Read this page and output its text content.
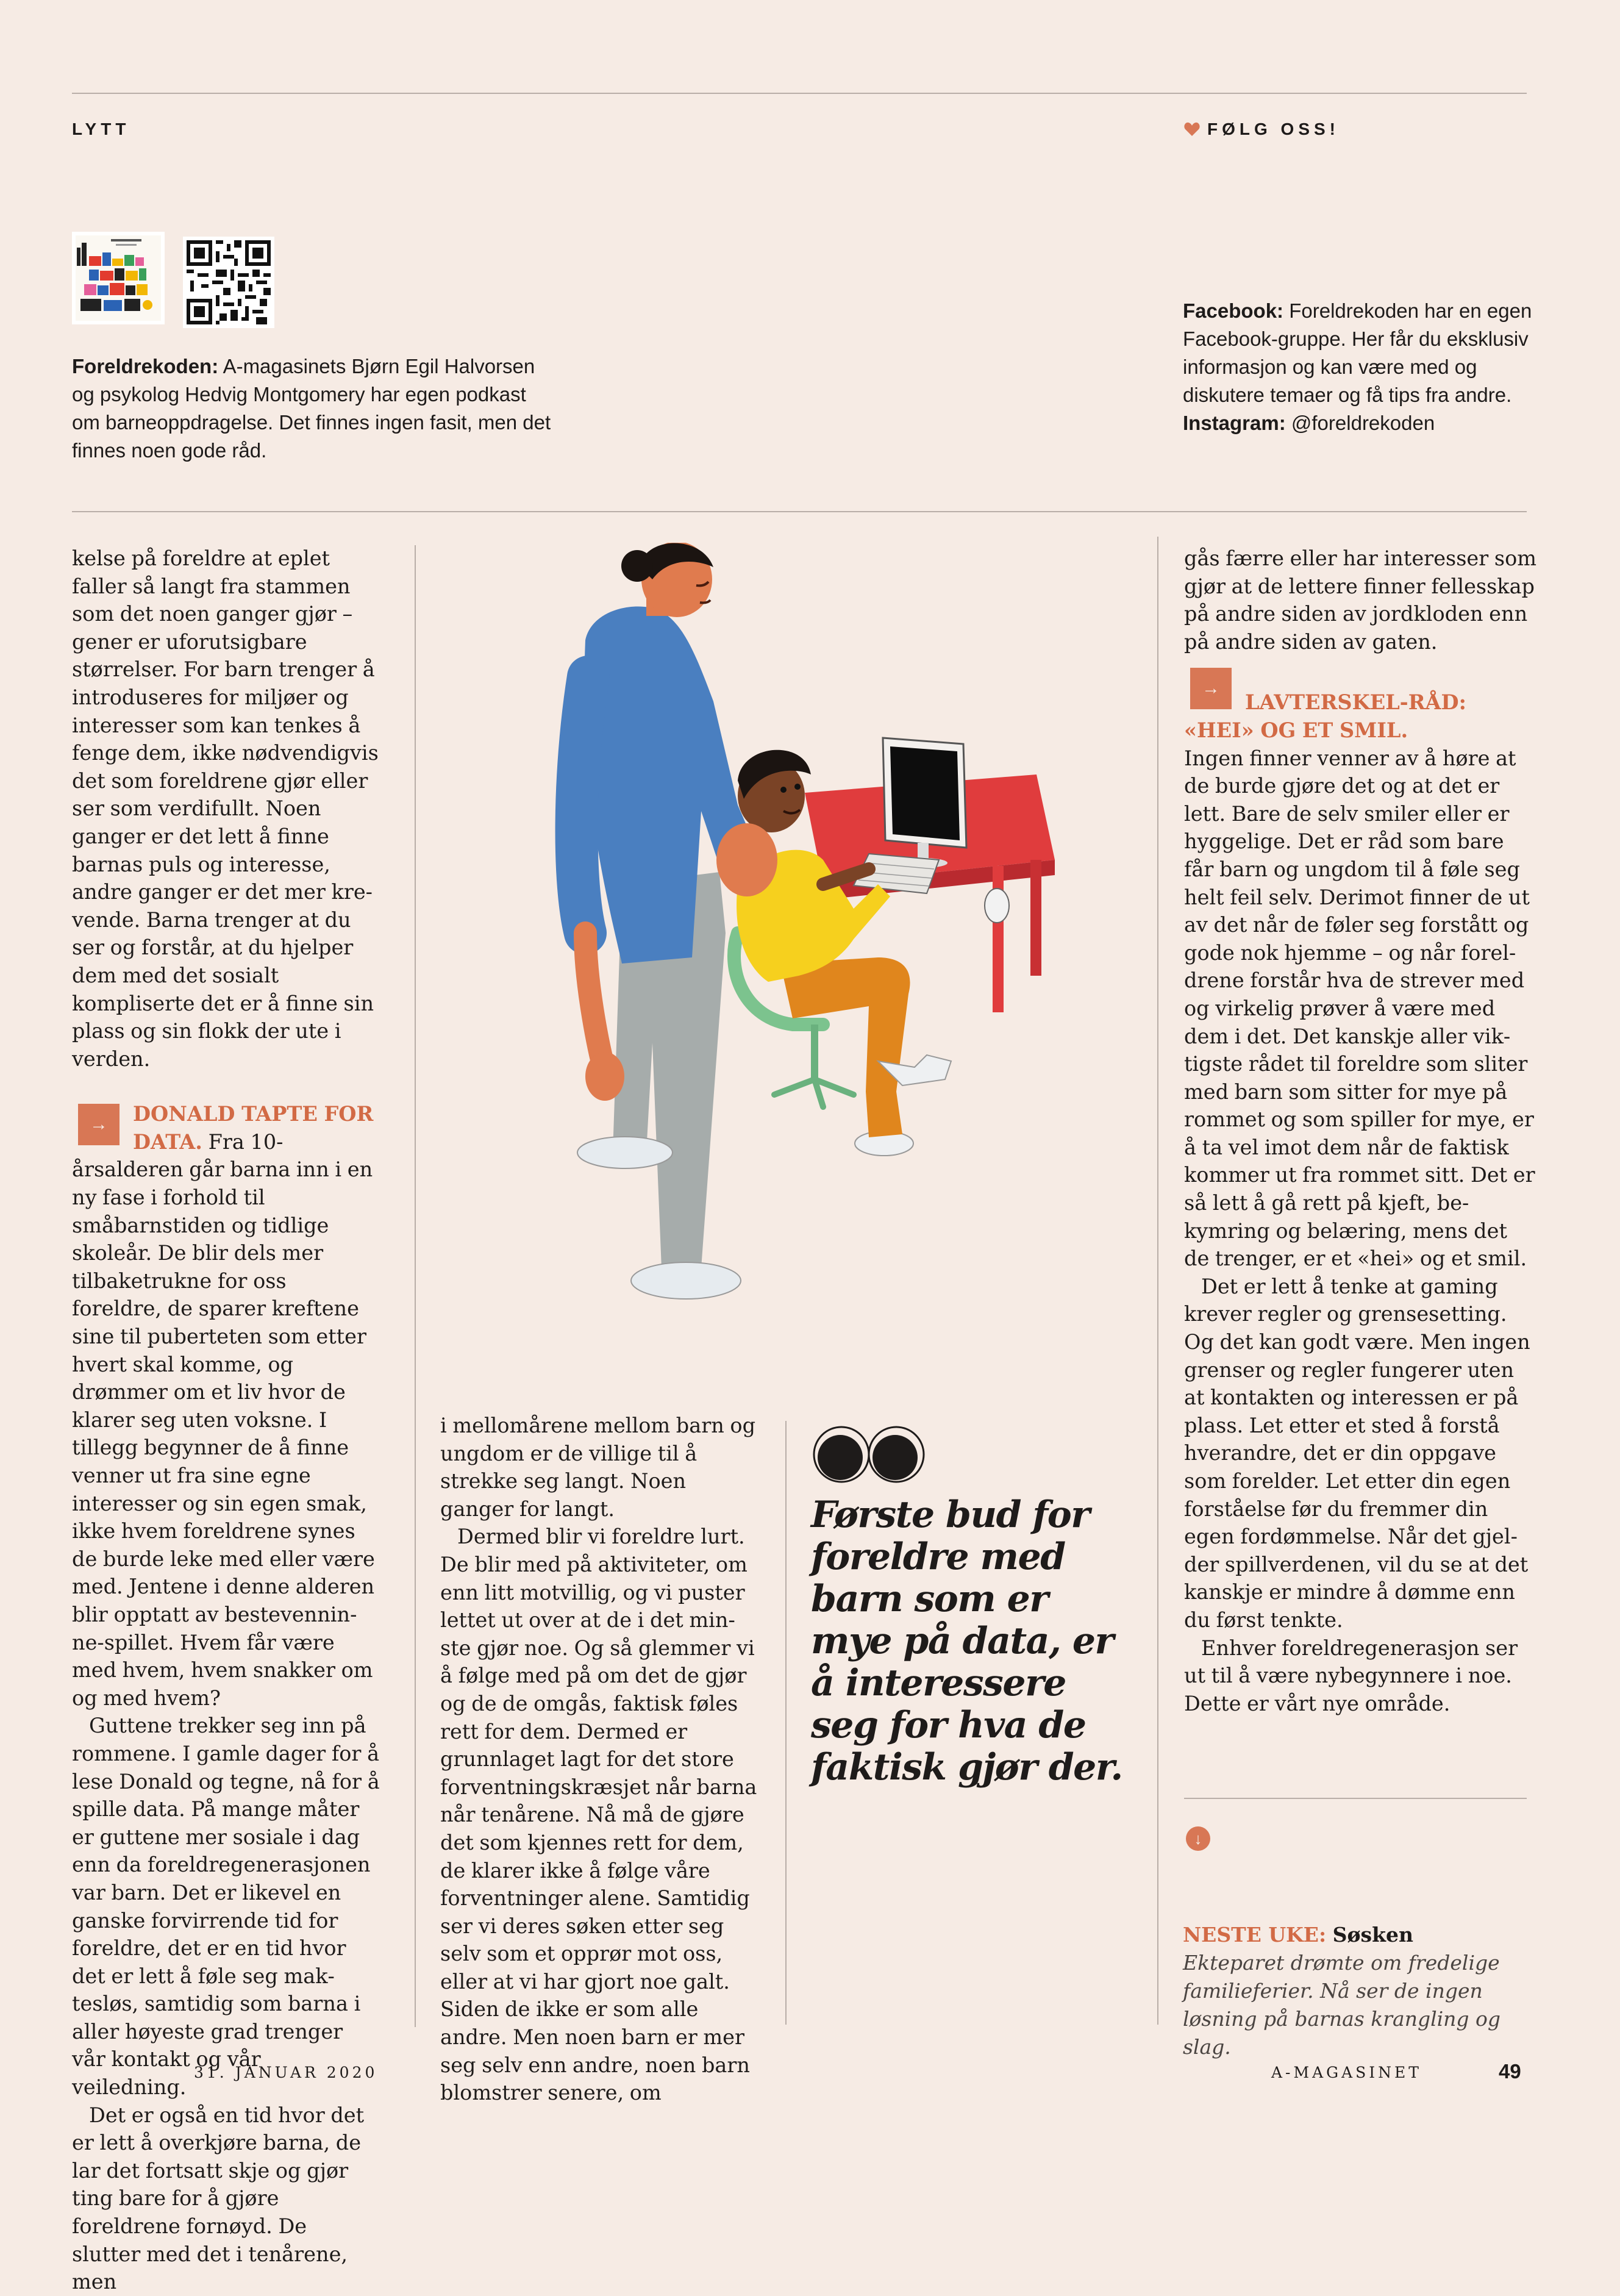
LYTT	FØLG OSS!
Foreldrekoden: A-magasinets Bjørn Egil Halvorsen og psykolog Hedvig Montgomery har egen podkast om barneoppdragelse. Det finnes ingen fasit, men det finnes noen gode råd.
Facebook: Foreldrekoden har en egen Facebook-gruppe. Her får du eksklusiv informasjon og kan være med og diskutere temaer og få tips fra andre.
Instagram: @foreldrekoden

kelse på foreldre at eplet faller så langt fra stammen som det noen ganger gjør – gener er uforutsigbare størrelser. For barn trenger å introduseres for miljøer og interesser som kan tenkes å fenge dem, ikke nødvendigvis det som foreldrene gjør eller ser som verdifullt. Noen ganger er det lett å finne barnas puls og interesse, andre ganger er det mer krevende. Barna trenger at du ser og forstår, at du hjelper dem med det sosialt kompliserte det er å finne sin plass og sin flokk der ute i verden.

→	DONALD TAPTE FOR DATA. Fra 10-årsalderen går barna inn i en ny fase i forhold til småbarnstiden og tidlige skoleår. De blir dels mer tilbaketrukne for oss foreldre, de sparer kreftene sine til puberteten som etter hvert skal komme, og drømmer om et liv hvor de klarer seg uten voksne. I tillegg begynner de å finne venner ut fra sine egne interesser og sin egen smak, ikke hvem foreldrene synes de burde leke med eller være med. Jentene i denne alderen blir opptatt av bestevenninne-spillet. Hvem får være med hvem, hvem snakker om og med hvem?

Guttene trekker seg inn på rommene. I gamle dager for å lese Donald og tegne, nå for å spille data. På mange måter er guttene mer sosiale i dag enn da foreldregenerasjonen var barn. Det er likevel en ganske forvirrende tid for foreldre, det er en tid hvor det er lett å føle seg maktesløs, samtidig som barna i aller høyeste grad trenger vår kontakt og vår veiledning.

Det er også en tid hvor det er lett å overkjøre barna, de lar det fortsatt skje og gjør ting bare for å gjøre foreldrene fornøyd. De slutter med det i tenårene, men

i mellomårene mellom barn og ungdom er de villige til å strekke seg langt. Noen ganger for langt.

Dermed blir vi foreldre lurt. De blir med på aktiviteter, om enn litt motvillig, og vi puster lettet ut over at de i det minste gjør noe. Og så glemmer vi å følge med på om det de gjør og de de omgås, faktisk føles rett for dem. Dermed er grunnlaget lagt for det store forventningskræsjet når barna når tenårene. Nå må de gjøre det som kjennes rett for dem, de klarer ikke å følge våre forventninger alene. Samtidig ser vi deres søken etter seg selv som et opprør mot oss, eller at vi har gjort noe galt. Siden de ikke er som alle andre. Men noen barn er mer seg selv enn andre, noen barn blomstrer senere, om

Første bud for foreldre med barn som er mye på data, er å interessere seg for hva de faktisk gjør der.

gås færre eller har interesser som gjør at de lettere finner fellesskap på andre siden av jordkloden enn på andre siden av gaten.

→
LAVTERSKEL-RÅD: «HEI» OG ET SMIL.

Ingen finner venner av å høre at de burde gjøre det og at det er lett. Bare de selv smiler eller er hyggelige. Det er råd som bare får barn og ungdom til å føle seg helt feil selv. Derimot finner de ut av det når de føler seg forstått og gode nok hjemme – og når foreldrene forstår hva de strever med og virkelig prøver å være med dem i det. Det kanskje aller viktigste rådet til foreldre som sliter med barn som sitter for mye på rommet og som spiller for mye, er å ta vel imot dem når de faktisk kommer ut fra rommet sitt. Det er så lett å gå rett på kjeft, bekymring og belæring, mens det de trenger, er et «hei» og et smil.

Det er lett å tenke at gaming krever regler og grensesetting. Og det kan godt være. Men ingen grenser og regler fungerer uten at kontakten og interessen er på plass. Let etter et sted å forstå hverandre, det er din oppgave som forelder. Let etter din egen forståelse før du fremmer din egen fordømmelse. Når det gjelder spillverdenen, vil du se at det kanskje er mindre å dømme enn du først tenkte.

Enhver foreldregenerasjon ser ut til å være nybegynnere i noe. Dette er vårt nye område.

↓
NESTE UKE: Søsken
Ekteparet drømte om fredelige familieferier. Nå ser de ingen løsning på barnas krangling og slag.
31. JANUAR 2020	A-MAGASINET	49
